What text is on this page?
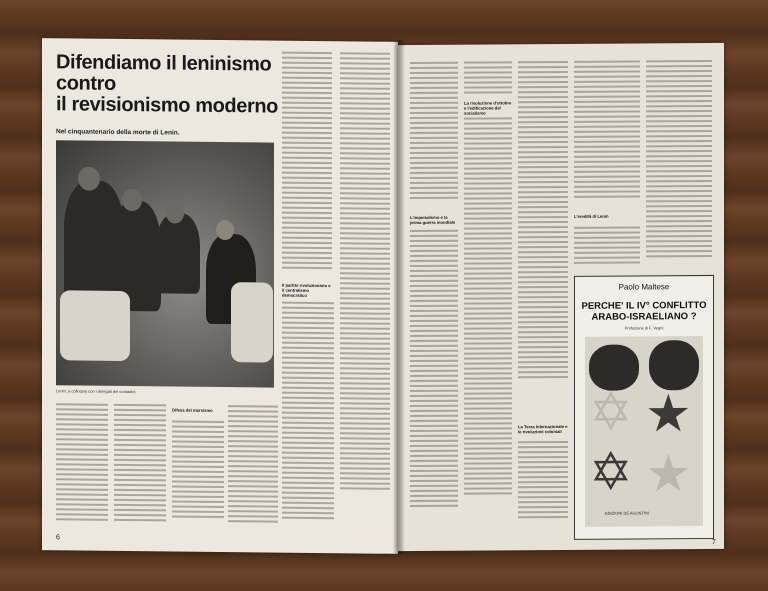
Difendiamo il leninismo contro
il revisionismo moderno
Nel cinquantenario della morte di Lenin.
Lenin, a colloquio con i delegati dei contadini
Il partito rivoluzionario e il centralismo democratico
Difesa del marxismo
6
L'imperialismo e la prima guerra mondiale
La rivoluzione d'ottobre e l'edificazione del socialismo
La Terza Internazionale e le rivoluzioni coloniali
L'eredità di Lenin
Paolo Maltese
PERCHE' IL IV° CONFLITTO
ARABO-ISRAELIANO ?
Prefazione di F. Vegni
✡ ★
✡ ★
EDIZIONI DE AGOSTINI
7
